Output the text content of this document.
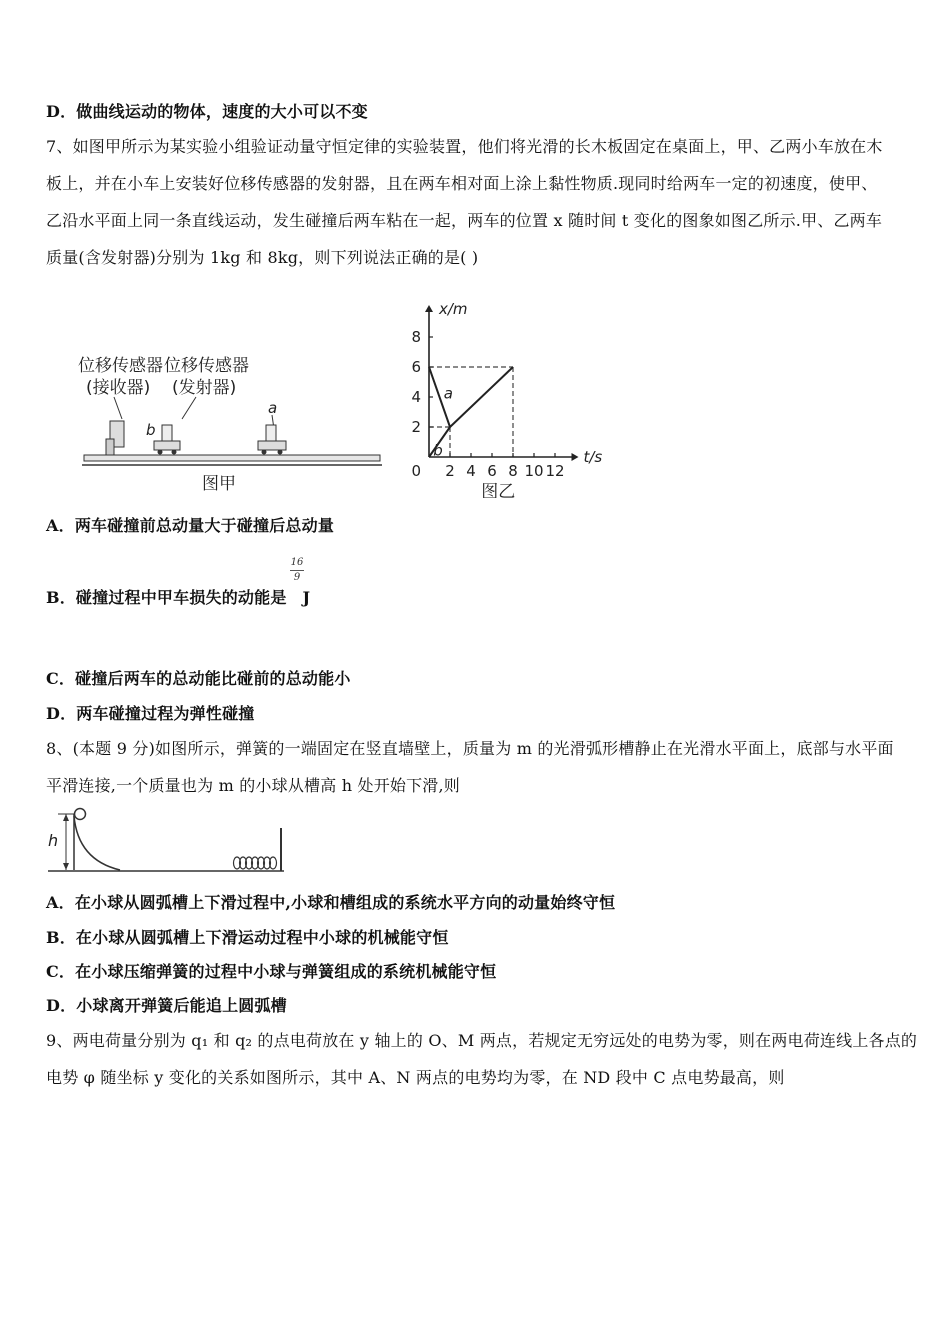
D．做曲线运动的物体，速度的大小可以不变
7、如图甲所示为某实验小组验证动量守恒定律的实验装置，他们将光滑的长木板固定在桌面上，甲、乙两小车放在木
板上，并在小车上安装好位移传感器的发射器，且在两车相对面上涂上黏性物质.现同时给两车一定的初速度，使甲、
乙沿水平面上同一条直线运动，发生碰撞后两车粘在一起，两车的位置 x 随时间 t 变化的图象如图乙所示.甲、乙两车
质量(含发射器)分别为 1kg 和 8kg，则下列说法正确的是( )
位移传感器
(接收器)
位移传感器
(发射器)
b
a
图甲
2 4 6 8 10 12
2
4
6
8
0
t/s
x/m
a
b
图乙
A．两车碰撞前总动量大于碰撞后总动量
16
9
B．碰撞过程中甲车损失的动能是 J
C．碰撞后两车的总动能比碰前的总动能小
D．两车碰撞过程为弹性碰撞
8、(本题 9 分)如图所示，弹簧的一端固定在竖直墙壁上，质量为 m 的光滑弧形槽静止在光滑水平面上，底部与水平面
平滑连接,一个质量也为 m 的小球从槽高 h 处开始下滑,则
h
A．在小球从圆弧槽上下滑过程中,小球和槽组成的系统水平方向的动量始终守恒
B．在小球从圆弧槽上下滑运动过程中小球的机械能守恒
C．在小球压缩弹簧的过程中小球与弹簧组成的系统机械能守恒
D．小球离开弹簧后能追上圆弧槽
9、两电荷量分别为 q₁ 和 q₂ 的点电荷放在 y 轴上的 O、M 两点，若规定无穷远处的电势为零，则在两电荷连线上各点的
电势 φ 随坐标 y 变化的关系如图所示，其中 A、N 两点的电势均为零，在 ND 段中 C 点电势最高，则
